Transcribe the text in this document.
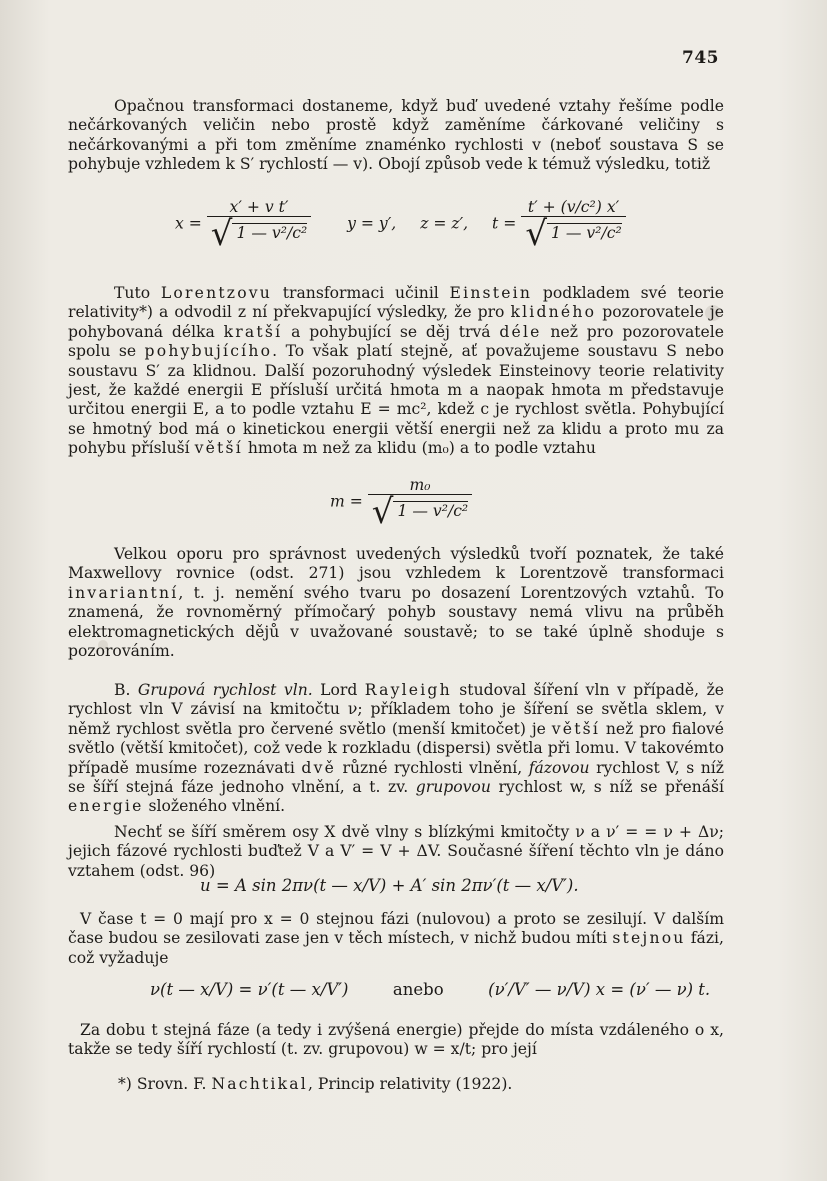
745

Opačnou transformaci dostaneme, když buď uvedené vztahy řešíme podle nečárkovaných veličin nebo prostě když zaměníme čárkované veličiny s nečárkovanými a při tom změníme znaménko rychlosti v (neboť soustava S se pohybuje vzhledem k S′ rychlostí — v). Obojí způsob vede k témuž výsledku, totiž

$x = \frac{\text{x′ + v t′}}{\text{√ 1 — v²/c²}}$ y = y′, z = z′, $t = \frac{\text{t′ + (v/c²) x′}}{\text{√ 1 — v²/c²}}$

Tuto Lorentzovu transformaci učinil Einstein podkladem své teorie relativity*) a odvodil z ní překvapující výsledky, že pro klidného pozorovatele je pohybovaná délka kratší a pohybující se děj trvá déle než pro pozorovatele spolu se pohybujícího. To však platí stejně, ať považujeme soustavu S nebo soustavu S′ za klidnou. Další pozoruhodný výsledek Einsteinovy teorie relativity jest, že každé energii E přísluší určitá hmota m a naopak hmota m představuje určitou energii E, a to podle vztahu E = mc², kdež c je rychlost světla. Pohybující se hmotný bod má o kinetickou energii větší energii než za klidu a proto mu za pohybu přísluší větší hmota m než za klidu (m₀) a to podle vztahu

$m = \frac{\text{m₀}}{\text{√ 1 — v²/c²}}$

Velkou oporu pro správnost uvedených výsledků tvoří poznatek, že také Maxwellovy rovnice (odst. 271) jsou vzhledem k Lorentzově transformaci invariantní, t. j. nemění svého tvaru po dosazení Lorentzových vztahů. To znamená, že rovnoměrný přímočarý pohyb soustavy nemá vlivu na průběh elektromagnetických dějů v uvažované soustavě; to se také úplně shoduje s pozorováním.

B. Grupová rychlost vln. Lord Rayleigh studoval šíření vln v případě, že rychlost vln V závisí na kmitočtu ν; příkladem toho je šíření se světla sklem, v němž rychlost světla pro červené světlo (menší kmitočet) je větší než pro fialové světlo (větší kmitočet), což vede k rozkladu (dispersi) světla při lomu. V takovémto případě musíme rozeznávati dvě různé rychlosti vlnění, fázovou rychlost V, s níž se šíří stejná fáze jednoho vlnění, a t. zv. grupovou rychlost w, s níž se přenáší energie složeného vlnění.

Nechť se šíří směrem osy X dvě vlny s blízkými kmitočty ν a ν′ = = ν + Δν; jejich fázové rychlosti buďtež V a V′ = V + ΔV. Současné šíření těchto vln je dáno vztahem (odst. 96)

u = A sin 2πν(t — x/V) + A′ sin 2πν′(t — x/V′).

V čase t = 0 mají pro x = 0 stejnou fázi (nulovou) a proto se zesilují. V dalším čase budou se zesilovati zase jen v těch místech, v nichž budou míti stejnou fázi, což vyžaduje

ν(t — x/V) = ν′(t — x/V′)	anebo	(ν′/V′ — ν/V) x = (ν′ — ν) t.

Za dobu t stejná fáze (a tedy i zvýšená energie) přejde do místa vzdáleného o x, takže se tedy šíří rychlostí (t. zv. grupovou) w = x/t; pro její

*) Srovn. F. Nachtikal, Princip relativity (1922).
